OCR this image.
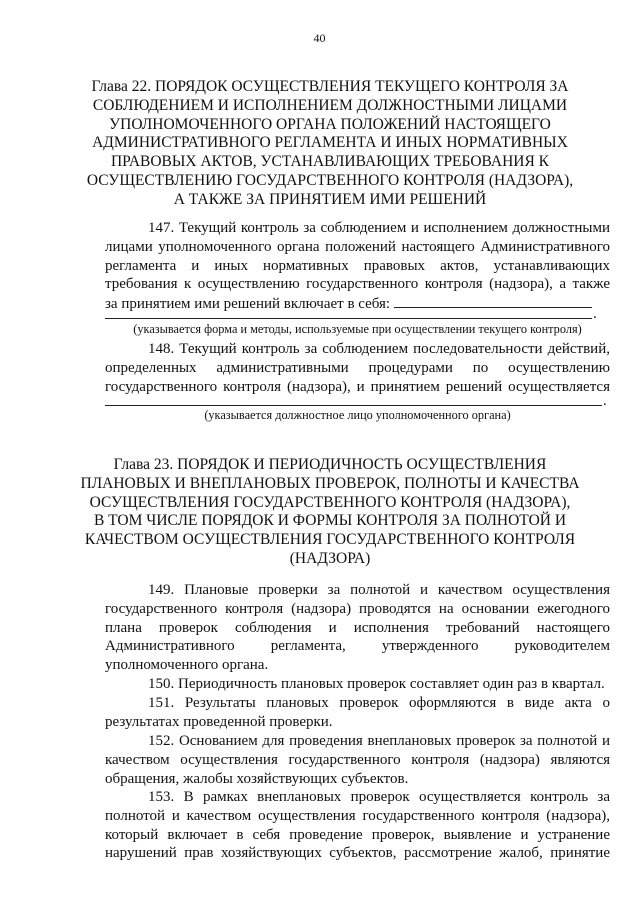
40
Глава 22. ПОРЯДОК ОСУЩЕСТВЛЕНИЯ ТЕКУЩЕГО КОНТРОЛЯ ЗА
СОБЛЮДЕНИЕМ И ИСПОЛНЕНИЕМ ДОЛЖНОСТНЫМИ ЛИЦАМИ
УПОЛНОМОЧЕННОГО ОРГАНА ПОЛОЖЕНИЙ НАСТОЯЩЕГО
АДМИНИСТРАТИВНОГО РЕГЛАМЕНТА И ИНЫХ НОРМАТИВНЫХ
ПРАВОВЫХ АКТОВ, УСТАНАВЛИВАЮЩИХ ТРЕБОВАНИЯ К
ОСУЩЕСТВЛЕНИЮ ГОСУДАРСТВЕННОГО КОНТРОЛЯ (НАДЗОРА),
А ТАКЖЕ ЗА ПРИНЯТИЕМ ИМИ РЕШЕНИЙ
147. Текущий контроль за соблюдением и исполнением должностными
лицами уполномоченного органа положений настоящего Административного
регламента и иных нормативных правовых актов, устанавливающих
требования к осуществлению государственного контроля (надзора), а также
за принятием ими решений включает в себя:
.
(указывается форма и методы, используемые при осуществлении текущего контроля)
148. Текущий контроль за соблюдением последовательности действий,
определенных административными процедурами по осуществлению
государственного контроля (надзора), и принятием решений осуществляется
.
(указывается должностное лицо уполномоченного органа)
Глава 23. ПОРЯДОК И ПЕРИОДИЧНОСТЬ ОСУЩЕСТВЛЕНИЯ
ПЛАНОВЫХ И ВНЕПЛАНОВЫХ ПРОВЕРОК, ПОЛНОТЫ И КАЧЕСТВА
ОСУЩЕСТВЛЕНИЯ ГОСУДАРСТВЕННОГО КОНТРОЛЯ (НАДЗОРА),
В ТОМ ЧИСЛЕ ПОРЯДОК И ФОРМЫ КОНТРОЛЯ ЗА ПОЛНОТОЙ И
КАЧЕСТВОМ ОСУЩЕСТВЛЕНИЯ ГОСУДАРСТВЕННОГО КОНТРОЛЯ
(НАДЗОРА)
149. Плановые проверки за полнотой и качеством осуществления
государственного контроля (надзора) проводятся на основании ежегодного
плана проверок соблюдения и исполнения требований настоящего
Административного регламента, утвержденного руководителем
уполномоченного органа.
150. Периодичность плановых проверок составляет один раз в квартал.
151. Результаты плановых проверок оформляются в виде акта о
результатах проведенной проверки.
152. Основанием для проведения внеплановых проверок за полнотой и
качеством осуществления государственного контроля (надзора) являются
обращения, жалобы хозяйствующих субъектов.
153. В рамках внеплановых проверок осуществляется контроль за
полнотой и качеством осуществления государственного контроля (надзора),
который включает в себя проведение проверок, выявление и устранение
нарушений прав хозяйствующих субъектов, рассмотрение жалоб, принятие
